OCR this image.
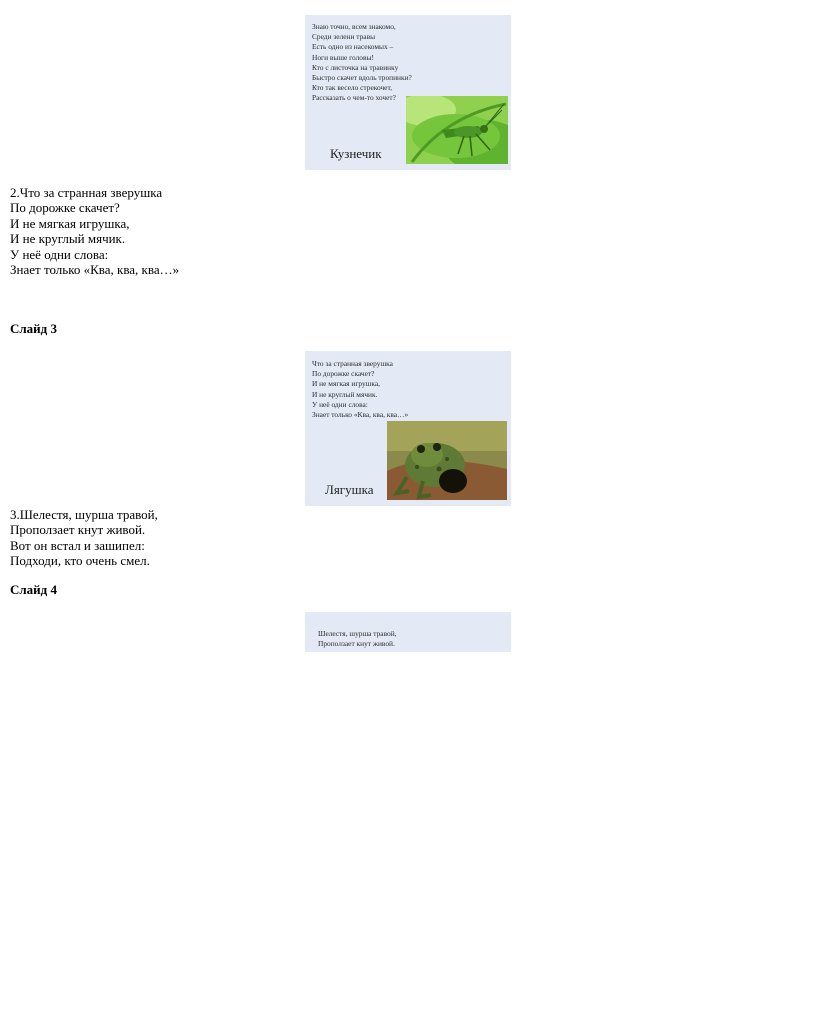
Знаю точно, всем знакомо,
Среди зелени травы
Есть одно из насекомых –
Ноги выше головы!
Кто с листочка на травинку
Быстро скачет вдоль тропинки?
Кто так весело стрекочет,
Рассказать о чем-то хочет?
Кузнечик
2.Что за странная зверушка
По дорожке скачет?
И не мягкая игрушка,
И не круглый мячик.
У неё одни слова:
Знает только «Ква, ква, ква…»
Слайд 3
Что за странная зверушка
По дорожке скачет?
И не мягкая игрушка,
И не круглый мячик.
У неё одни слова:
Знает только «Ква, ква, ква…»
Лягушка
3.Шелестя, шурша травой,
Проползает кнут живой.
Вот он встал и зашипел:
Подходи, кто очень смел.
Слайд 4
Шелестя, шурша травой,
Проползает кнут живой.
